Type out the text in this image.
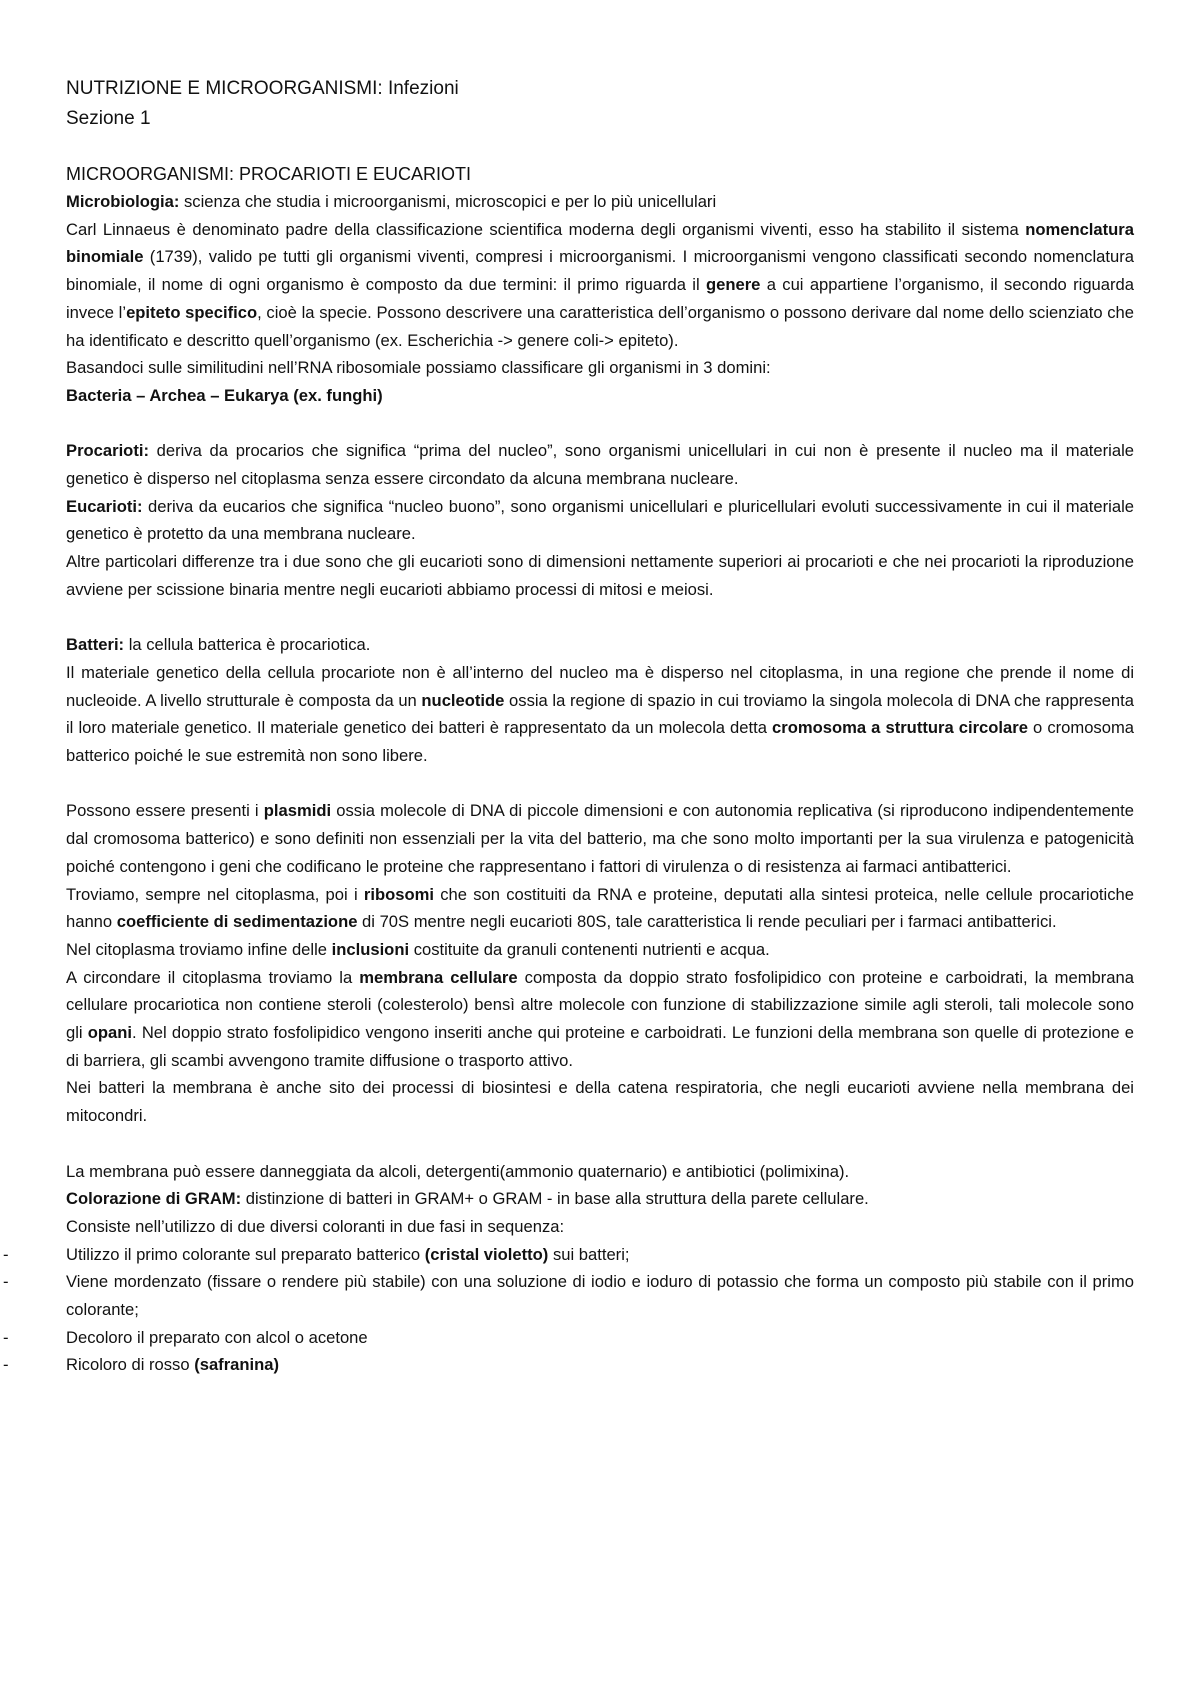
NUTRIZIONE E MICROORGANISMI: Infezioni
Sezione 1
MICROORGANISMI: PROCARIOTI E EUCARIOTI

Microbiologia: scienza che studia i microorganismi, microscopici e per lo più unicellulari

Carl Linnaeus è denominato padre della classificazione scientifica moderna degli organismi viventi, esso ha stabilito il sistema nomenclatura binomiale (1739), valido pe tutti gli organismi viventi, compresi i microorganismi. I microorganismi vengono classificati secondo nomenclatura binomiale, il nome di ogni organismo è composto da due termini: il primo riguarda il genere a cui appartiene l’organismo, il secondo riguarda invece l’epiteto specifico, cioè la specie. Possono descrivere una caratteristica dell’organismo o possono derivare dal nome dello scienziato che ha identificato e descritto quell’organismo (ex. Escherichia -> genere coli-> epiteto).

Basandoci sulle similitudini nell’RNA ribosomiale possiamo classificare gli organismi in 3 domini:

Bacteria – Archea – Eukarya (ex. funghi)

Procarioti: deriva da procarios che significa “prima del nucleo”, sono organismi unicellulari in cui non è presente il nucleo ma il materiale genetico è disperso nel citoplasma senza essere circondato da alcuna membrana nucleare.

Eucarioti: deriva da eucarios che significa “nucleo buono”, sono organismi unicellulari e pluricellulari evoluti successivamente in cui il materiale genetico è protetto da una membrana nucleare.

Altre particolari differenze tra i due sono che gli eucarioti sono di dimensioni nettamente superiori ai procarioti e che nei procarioti la riproduzione avviene per scissione binaria mentre negli eucarioti abbiamo processi di mitosi e meiosi.

Batteri: la cellula batterica è procariotica.

Il materiale genetico della cellula procariote non è all’interno del nucleo ma è disperso nel citoplasma, in una regione che prende il nome di nucleoide. A livello strutturale è composta da un nucleotide ossia la regione di spazio in cui troviamo la singola molecola di DNA che rappresenta il loro materiale genetico. Il materiale genetico dei batteri è rappresentato da un molecola detta cromosoma a struttura circolare o cromosoma batterico poiché le sue estremità non sono libere.

Possono essere presenti i plasmidi ossia molecole di DNA di piccole dimensioni e con autonomia replicativa (si riproducono indipendentemente dal cromosoma batterico) e sono definiti non essenziali per la vita del batterio, ma che sono molto importanti per la sua virulenza e patogenicità poiché contengono i geni che codificano le proteine che rappresentano i fattori di virulenza o di resistenza ai farmaci antibatterici.

Troviamo, sempre nel citoplasma, poi i ribosomi che son costituiti da RNA e proteine, deputati alla sintesi proteica, nelle cellule procariotiche hanno coefficiente di sedimentazione di 70S mentre negli eucarioti 80S, tale caratteristica li rende peculiari per i farmaci antibatterici.

Nel citoplasma troviamo infine delle inclusioni costituite da granuli contenenti nutrienti e acqua.

A circondare il citoplasma troviamo la membrana cellulare composta da doppio strato fosfolipidico con proteine e carboidrati, la membrana cellulare procariotica non contiene steroli (colesterolo) bensì altre molecole con funzione di stabilizzazione simile agli steroli, tali molecole sono gli opani. Nel doppio strato fosfolipidico vengono inseriti anche qui proteine e carboidrati. Le funzioni della membrana son quelle di protezione e di barriera, gli scambi avvengono tramite diffusione o trasporto attivo.

Nei batteri la membrana è anche sito dei processi di biosintesi e della catena respiratoria, che negli eucarioti avviene nella membrana dei mitocondri.

La membrana può essere danneggiata da alcoli, detergenti(ammonio quaternario) e antibiotici (polimixina).

Colorazione di GRAM: distinzione di batteri in GRAM+ o GRAM - in base alla struttura della parete cellulare.

Consiste nell’utilizzo di due diversi coloranti in due fasi in sequenza:

-	Utilizzo il primo colorante sul preparato batterico (cristal violetto) sui batteri;
-	Viene mordenzato (fissare o rendere più stabile) con una soluzione di iodio e ioduro di potassio che forma un composto più stabile con il primo colorante;
-	Decoloro il preparato con alcol o acetone
-	Ricoloro di rosso (safranina)
